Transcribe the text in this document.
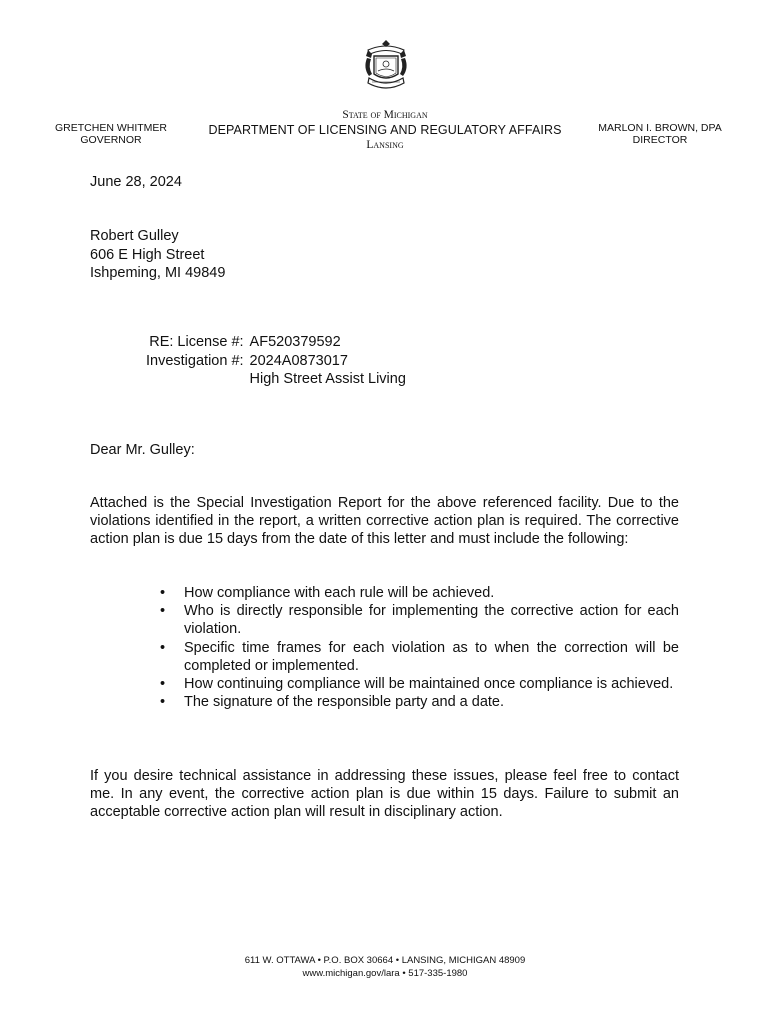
GRETCHEN WHITMER
GOVERNOR
State of Michigan
DEPARTMENT OF LICENSING AND REGULATORY AFFAIRS
Lansing
MARLON I. BROWN, DPA
DIRECTOR
June 28, 2024
Robert Gulley
606 E High Street
Ishpeming, MI 49849
RE: License #:	AF520379592
Investigation #:	2024A0873017
	High Street Assist Living
Dear Mr. Gulley:

Attached is the Special Investigation Report for the above referenced facility. Due to the violations identified in the report, a written corrective action plan is required. The corrective action plan is due 15 days from the date of this letter and must include the following:

• How compliance with each rule will be achieved.
• Who is directly responsible for implementing the corrective action for each violation.
• Specific time frames for each violation as to when the correction will be completed or implemented.
• How continuing compliance will be maintained once compliance is achieved.
• The signature of the responsible party and a date.

If you desire technical assistance in addressing these issues, please feel free to contact me. In any event, the corrective action plan is due within 15 days. Failure to submit an acceptable corrective action plan will result in disciplinary action.

611 W. OTTAWA • P.O. BOX 30664 • LANSING, MICHIGAN 48909
www.michigan.gov/lara • 517-335-1980
